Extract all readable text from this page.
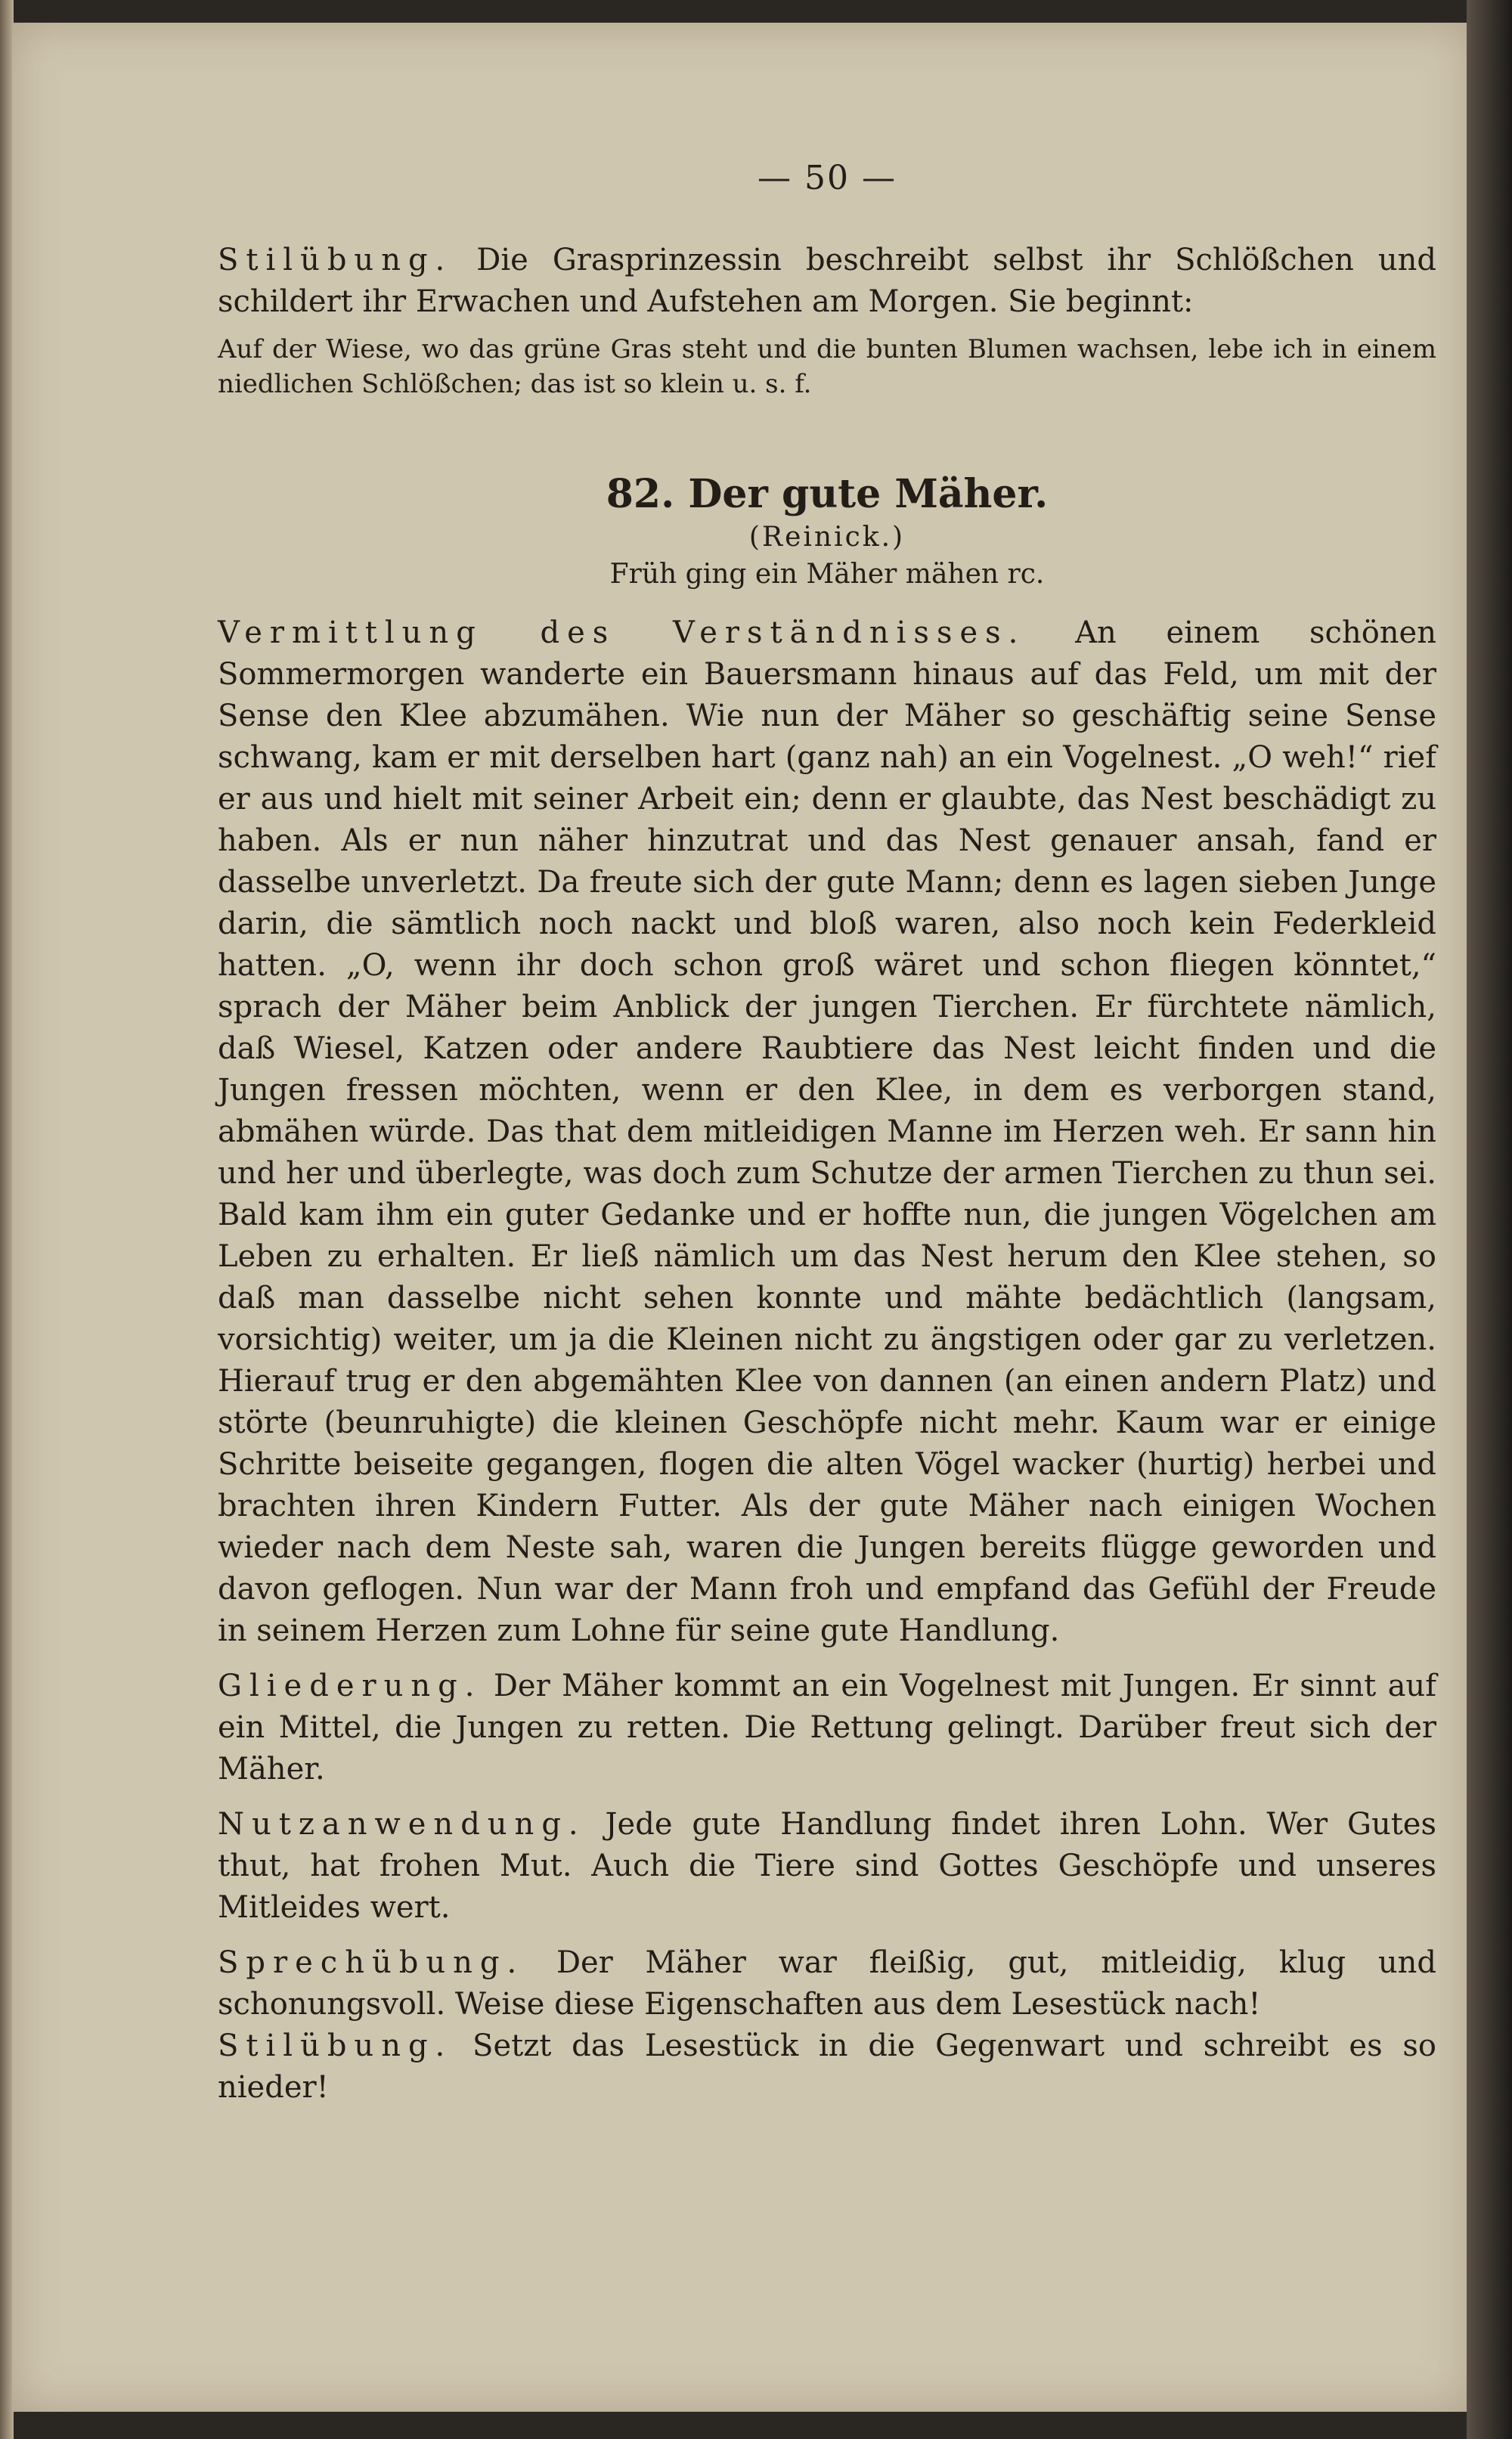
— 50 —

Stilübung. Die Grasprinzessin beschreibt selbst ihr Schlößchen und schildert ihr Erwachen und Aufstehen am Morgen. Sie beginnt:

Auf der Wiese, wo das grüne Gras steht und die bunten Blumen wachsen, lebe ich in einem niedlichen Schlößchen; das ist so klein u. s. f.

82. Der gute Mäher.
(Reinick.)
Früh ging ein Mäher mähen rc.

Vermittlung des Verständnisses. An einem schönen Sommermorgen wanderte ein Bauersmann hinaus auf das Feld, um mit der Sense den Klee abzumähen. Wie nun der Mäher so geschäftig seine Sense schwang, kam er mit derselben hart (ganz nah) an ein Vogelnest. „O weh!“ rief er aus und hielt mit seiner Arbeit ein; denn er glaubte, das Nest beschädigt zu haben. Als er nun näher hinzutrat und das Nest genauer ansah, fand er dasselbe unverletzt. Da freute sich der gute Mann; denn es lagen sieben Junge darin, die sämtlich noch nackt und bloß waren, also noch kein Federkleid hatten. „O, wenn ihr doch schon groß wäret und schon fliegen könntet,“ sprach der Mäher beim Anblick der jungen Tierchen. Er fürchtete nämlich, daß Wiesel, Katzen oder andere Raubtiere das Nest leicht finden und die Jungen fressen möchten, wenn er den Klee, in dem es verborgen stand, abmähen würde. Das that dem mitleidigen Manne im Herzen weh. Er sann hin und her und überlegte, was doch zum Schutze der armen Tierchen zu thun sei. Bald kam ihm ein guter Gedanke und er hoffte nun, die jungen Vögelchen am Leben zu erhalten. Er ließ nämlich um das Nest herum den Klee stehen, so daß man dasselbe nicht sehen konnte und mähte bedächtlich (langsam, vorsichtig) weiter, um ja die Kleinen nicht zu ängstigen oder gar zu verletzen. Hierauf trug er den abgemähten Klee von dannen (an einen andern Platz) und störte (beunruhigte) die kleinen Geschöpfe nicht mehr. Kaum war er einige Schritte beiseite gegangen, flogen die alten Vögel wacker (hurtig) herbei und brachten ihren Kindern Futter. Als der gute Mäher nach einigen Wochen wieder nach dem Neste sah, waren die Jungen bereits flügge geworden und davon geflogen. Nun war der Mann froh und empfand das Gefühl der Freude in seinem Herzen zum Lohne für seine gute Handlung.

Gliederung. Der Mäher kommt an ein Vogelnest mit Jungen. Er sinnt auf ein Mittel, die Jungen zu retten. Die Rettung gelingt. Darüber freut sich der Mäher.

Nutzanwendung. Jede gute Handlung findet ihren Lohn. Wer Gutes thut, hat frohen Mut. Auch die Tiere sind Gottes Geschöpfe und unseres Mitleides wert.

Sprechübung. Der Mäher war fleißig, gut, mitleidig, klug und schonungsvoll. Weise diese Eigenschaften aus dem Lesestück nach!

Stilübung. Setzt das Lesestück in die Gegenwart und schreibt es so nieder!
